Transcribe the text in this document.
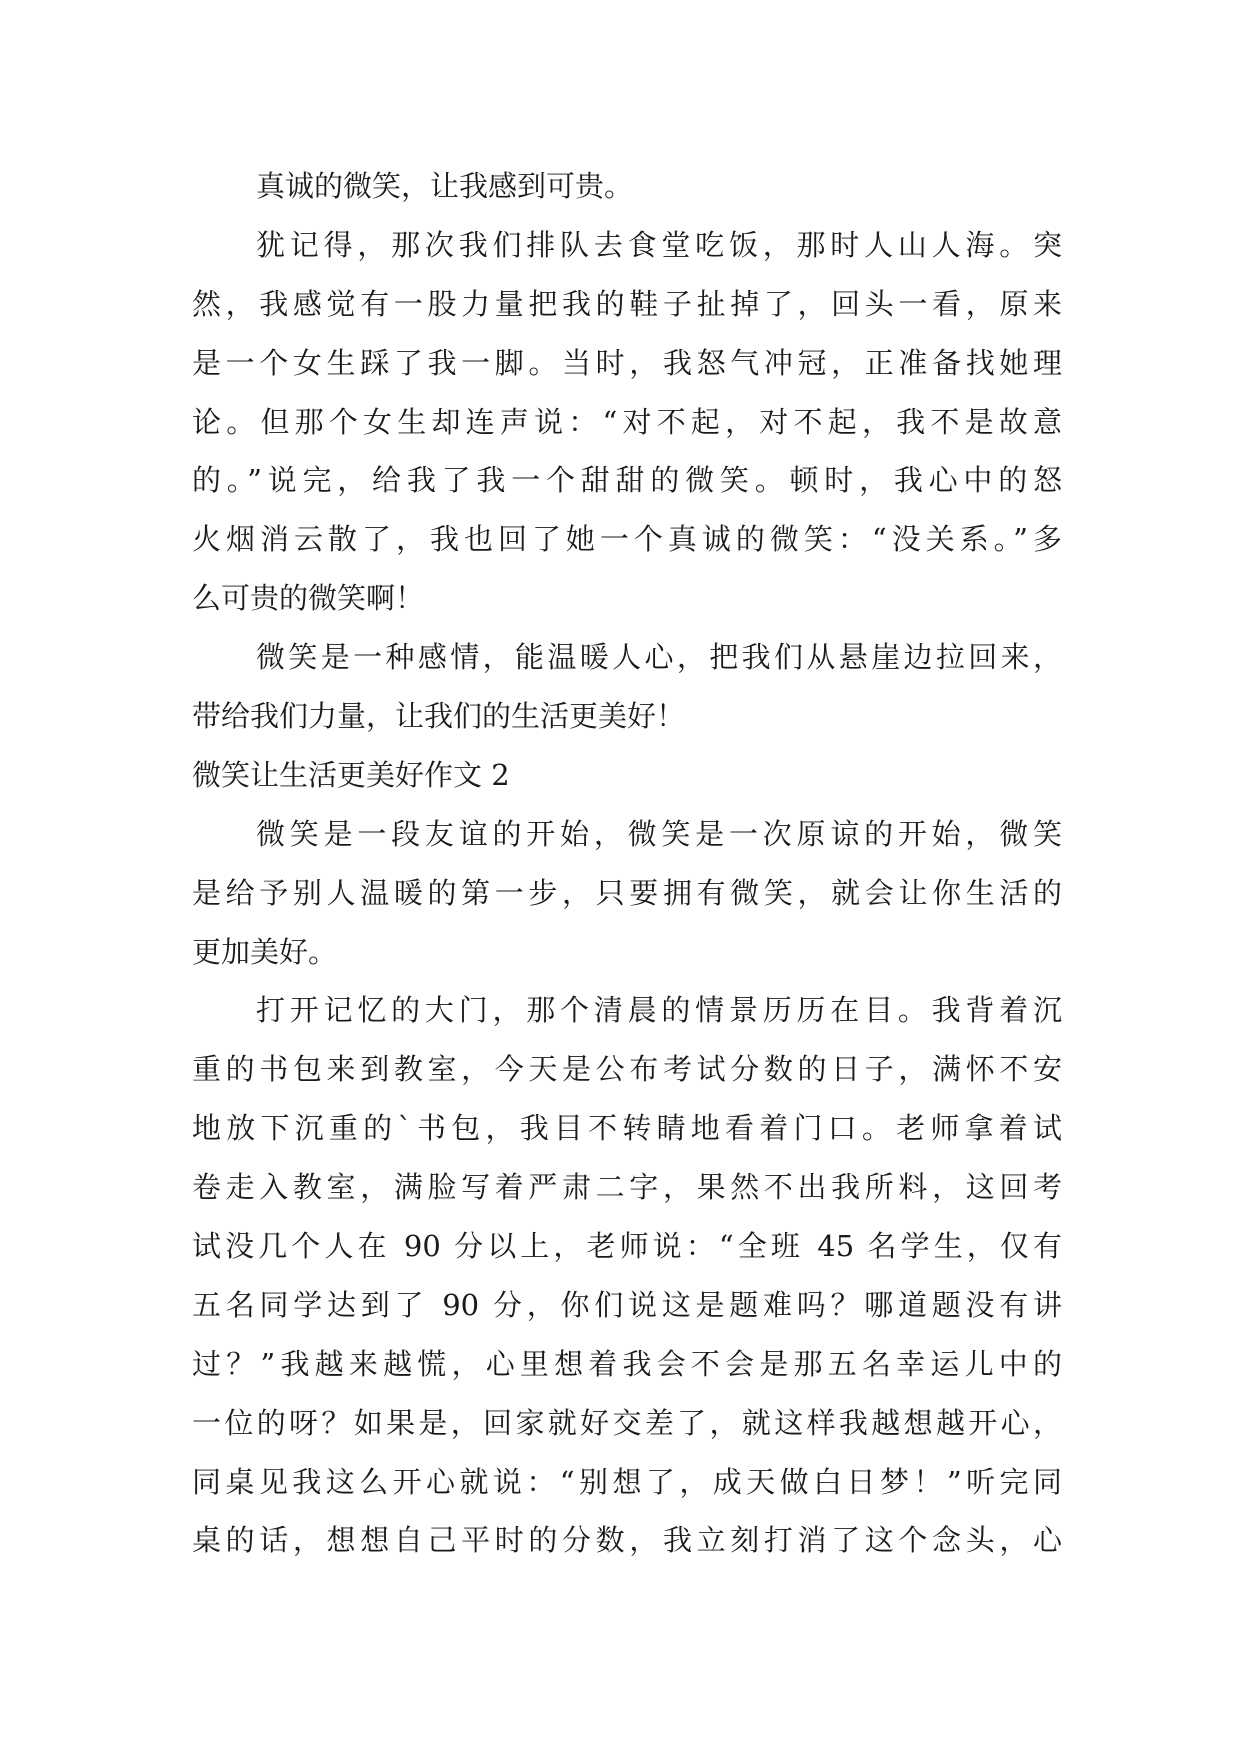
真诚的微笑，让我感到可贵。
犹记得，那次我们排队去食堂吃饭，那时人山人海。突
然，我感觉有一股力量把我的鞋子扯掉了，回头一看，原来
是一个女生踩了我一脚。当时，我怒气冲冠，正准备找她理
论。但那个女生却连声说：“对不起，对不起，我不是故意
的。”说完，给我了我一个甜甜的微笑。顿时，我心中的怒
火烟消云散了，我也回了她一个真诚的微笑：“没关系。”多
么可贵的微笑啊！
微笑是一种感情，能温暖人心，把我们从悬崖边拉回来，
带给我们力量，让我们的生活更美好！
微笑让生活更美好作文 2
微笑是一段友谊的开始，微笑是一次原谅的开始，微笑
是给予别人温暖的第一步，只要拥有微笑，就会让你生活的
更加美好。
打开记忆的大门，那个清晨的情景历历在目。我背着沉
重的书包来到教室，今天是公布考试分数的日子，满怀不安
地放下沉重的`书包，我目不转睛地看着门口。老师拿着试
卷走入教室，满脸写着严肃二字，果然不出我所料，这回考
试没几个人在 90 分以上，老师说：“全班 45 名学生，仅有
五名同学达到了 90 分，你们说这是题难吗？哪道题没有讲
过？”我越来越慌，心里想着我会不会是那五名幸运儿中的
一位的呀？如果是，回家就好交差了，就这样我越想越开心，
同桌见我这么开心就说：“别想了，成天做白日梦！”听完同
桌的话，想想自己平时的分数，我立刻打消了这个念头，心
